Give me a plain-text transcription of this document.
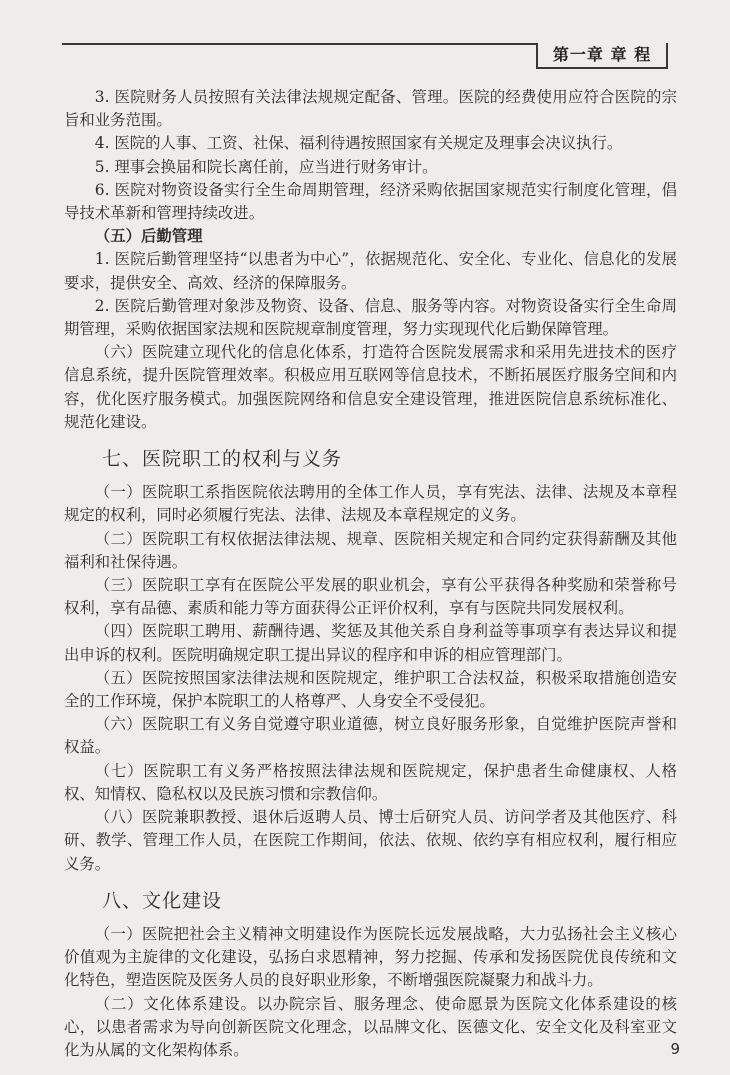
第一章 章 程

3. 医院财务人员按照有关法律法规规定配备、管理。医院的经费使用应符合医院的宗旨和业务范围。

4. 医院的人事、工资、社保、福利待遇按照国家有关规定及理事会决议执行。

5. 理事会换届和院长离任前，应当进行财务审计。

6. 医院对物资设备实行全生命周期管理，经济采购依据国家规范实行制度化管理，倡导技术革新和管理持续改进。

（五）后勤管理

1. 医院后勤管理坚持“以患者为中心”，依据规范化、安全化、专业化、信息化的发展要求，提供安全、高效、经济的保障服务。

2. 医院后勤管理对象涉及物资、设备、信息、服务等内容。对物资设备实行全生命周期管理，采购依据国家法规和医院规章制度管理，努力实现现代化后勤保障管理。

（六）医院建立现代化的信息化体系，打造符合医院发展需求和采用先进技术的医疗信息系统，提升医院管理效率。积极应用互联网等信息技术，不断拓展医疗服务空间和内容，优化医疗服务模式。加强医院网络和信息安全建设管理，推进医院信息系统标准化、规范化建设。

七、医院职工的权利与义务

（一）医院职工系指医院依法聘用的全体工作人员，享有宪法、法律、法规及本章程规定的权利，同时必须履行宪法、法律、法规及本章程规定的义务。

（二）医院职工有权依据法律法规、规章、医院相关规定和合同约定获得薪酬及其他福利和社保待遇。

（三）医院职工享有在医院公平发展的职业机会，享有公平获得各种奖励和荣誉称号权利，享有品德、素质和能力等方面获得公正评价权利，享有与医院共同发展权利。

（四）医院职工聘用、薪酬待遇、奖惩及其他关系自身利益等事项享有表达异议和提出申诉的权利。医院明确规定职工提出异议的程序和申诉的相应管理部门。

（五）医院按照国家法律法规和医院规定，维护职工合法权益，积极采取措施创造安全的工作环境，保护本院职工的人格尊严、人身安全不受侵犯。

（六）医院职工有义务自觉遵守职业道德，树立良好服务形象，自觉维护医院声誉和权益。

（七）医院职工有义务严格按照法律法规和医院规定，保护患者生命健康权、人格权、知情权、隐私权以及民族习惯和宗教信仰。

（八）医院兼职教授、退休后返聘人员、博士后研究人员、访问学者及其他医疗、科研、教学、管理工作人员，在医院工作期间，依法、依规、依约享有相应权利，履行相应义务。

八、文化建设

（一）医院把社会主义精神文明建设作为医院长远发展战略，大力弘扬社会主义核心价值观为主旋律的文化建设，弘扬白求恩精神，努力挖掘、传承和发扬医院优良传统和文化特色，塑造医院及医务人员的良好职业形象，不断增强医院凝聚力和战斗力。

（二）文化体系建设。以办院宗旨、服务理念、使命愿景为医院文化体系建设的核心，以患者需求为导向创新医院文化理念，以品牌文化、医德文化、安全文化及科室亚文化为从属的文化架构体系。	9
